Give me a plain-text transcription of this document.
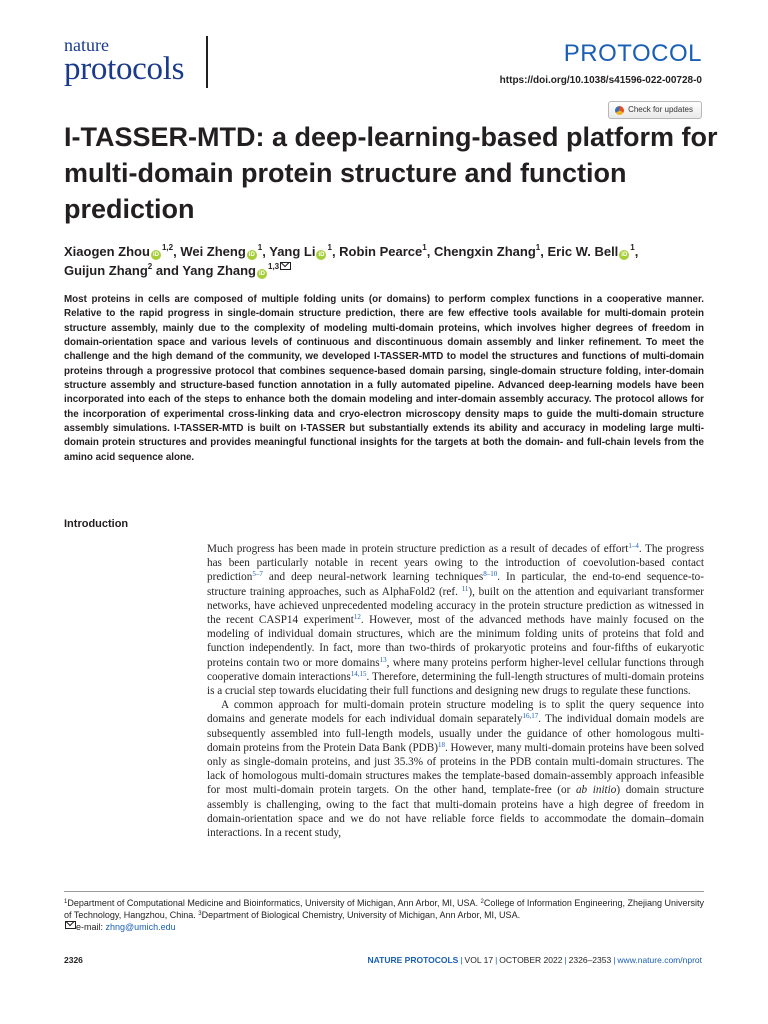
nature
protocols	PROTOCOL
https://doi.org/10.1038/s41596-022-00728-0
Check for updates
I-TASSER-MTD: a deep-learning-based platform for multi-domain protein structure and function prediction
Xiaogen Zhou iD$^{1,2}$, Wei Zheng $iD^1$, Yang Li $iD^1$, Robin Pearce$^1$, Chengxin Zhang$^1$, Eric W. Bell $iD^1$,
Guijun Zhang$^2$ and Yang Zhang iD$^{1,3}$

Most proteins in cells are composed of multiple folding units (or domains) to perform complex functions in a cooperative manner. Relative to the rapid progress in single-domain structure prediction, there are few effective tools available for multi-domain protein structure assembly, mainly due to the complexity of modeling multi-domain proteins, which involves higher degrees of freedom in domain-orientation space and various levels of continuous and discontinuous domain assembly and linker refinement. To meet the challenge and the high demand of the community, we developed I-TASSER-MTD to model the structures and functions of multi-domain proteins through a progressive protocol that combines sequence-based domain parsing, single-domain structure folding, inter-domain structure assembly and structure-based function annotation in a fully automated pipeline. Advanced deep-learning models have been incorporated into each of the steps to enhance both the domain modeling and inter-domain assembly accuracy. The protocol allows for the incorporation of experimental cross-linking data and cryo-electron microscopy density maps to guide the multi-domain structure assembly simulations. I-TASSER-MTD is built on I-TASSER but substantially extends its ability and accuracy in modeling large multi-domain protein structures and provides meaningful functional insights for the targets at both the domain- and full-chain levels from the amino acid sequence alone.

Introduction

Much progress has been made in protein structure prediction as a result of decades of effort$^{1-4}$. The progress has been particularly notable in recent years owing to the introduction of coevolution-based contact prediction$^{5-7}$ and deep neural-network learning techniques$^{8-10}$. In particular, the end-to-end sequence-to-structure training approaches, such as AlphaFold2 (ref. $^{11}$), built on the attention and equivariant transformer networks, have achieved unprecedented modeling accuracy in the protein structure prediction as witnessed in the recent CASP14 experiment$^{12}$. However, most of the advanced methods have mainly focused on the modeling of individual domain structures, which are the minimum folding units of proteins that fold and function independently. In fact, more than two-thirds of prokaryotic proteins and four-fifths of eukaryotic proteins contain two or more domains$^{13}$, where many proteins perform higher-level cellular functions through cooperative domain interactions$^{14,15}$. Therefore, determining the full-length structures of multi-domain proteins is a crucial step towards elucidating their full functions and designing new drugs to regulate these functions.

A common approach for multi-domain protein structure modeling is to split the query sequence into domains and generate models for each individual domain separately$^{16,17}$. The individual domain models are subsequently assembled into full-length models, usually under the guidance of other homologous multi-domain proteins from the Protein Data Bank (PDB)$^{18}$. However, many multi-domain proteins have been solved only as single-domain proteins, and just 35.3% of proteins in the PDB contain multi-domain structures. The lack of homologous multi-domain structures makes the template-based domain-assembly approach infeasible for most multi-domain protein targets. On the other hand, template-free (or ab initio) domain structure assembly is challenging, owing to the fact that multi-domain proteins have a high degree of freedom in domain-orientation space and we do not have reliable force fields to accommodate the domain–domain interactions. In a recent study,

$^1$Department of Computational Medicine and Bioinformatics, University of Michigan, Ann Arbor, MI, USA. $^2$College of Information Engineering, Zhejiang University of Technology, Hangzhou, China. $^3$Department of Biological Chemistry, University of Michigan, Ann Arbor, MI, USA.
e-mail: zhng@umich.edu
2326	NATURE PROTOCOLS | VOL 17 | OCTOBER 2022 | 2326–2353 | www.nature.com/nprot
